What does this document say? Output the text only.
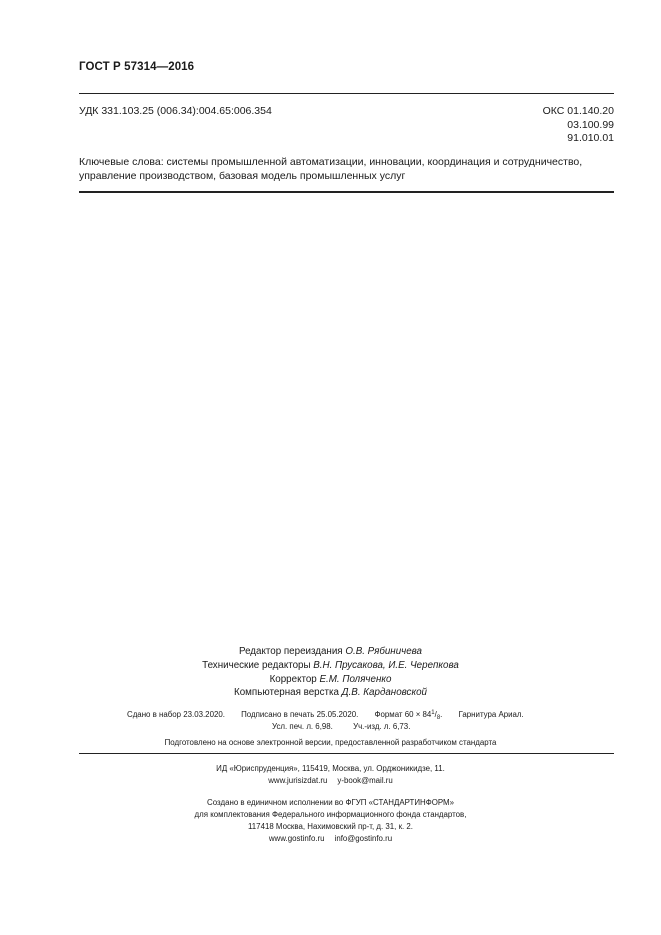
ГОСТ Р 57314—2016
УДК 331.103.25 (006.34):004.65:006.354	ОКС 01.140.20
03.100.99
91.010.01
Ключевые слова: системы промышленной автоматизации, инновации, координация и сотрудничество,
управление производством, базовая модель промышленных услуг
Редактор переиздания О.В. Рябиничева
Технические редакторы В.Н. Прусакова, И.Е. Черепкова
Корректор Е.М. Поляченко
Компьютерная верстка Д.В. Кардановской
Сдано в набор 23.03.2020. Подписано в печать 25.05.2020. Формат $60 \times 84^1/_8$. Гарнитура Ариал.
Усл. печ. л. 6,98.	Уч.-изд. л. 6,73.
Подготовлено на основе электронной версии, предоставленной разработчиком стандарта
ИД «Юриспруденция», 115419, Москва, ул. Орджоникидзе, 11.
www.jurisizdat.ru y-book@mail.ru
Создано в единичном исполнении во ФГУП «СТАНДАРТИНФОРМ»
для комплектования Федерального информационного фонда стандартов,
117418 Москва, Нахимовский пр-т, д. 31, к. 2.
www.gostinfo.ru info@gostinfo.ru
